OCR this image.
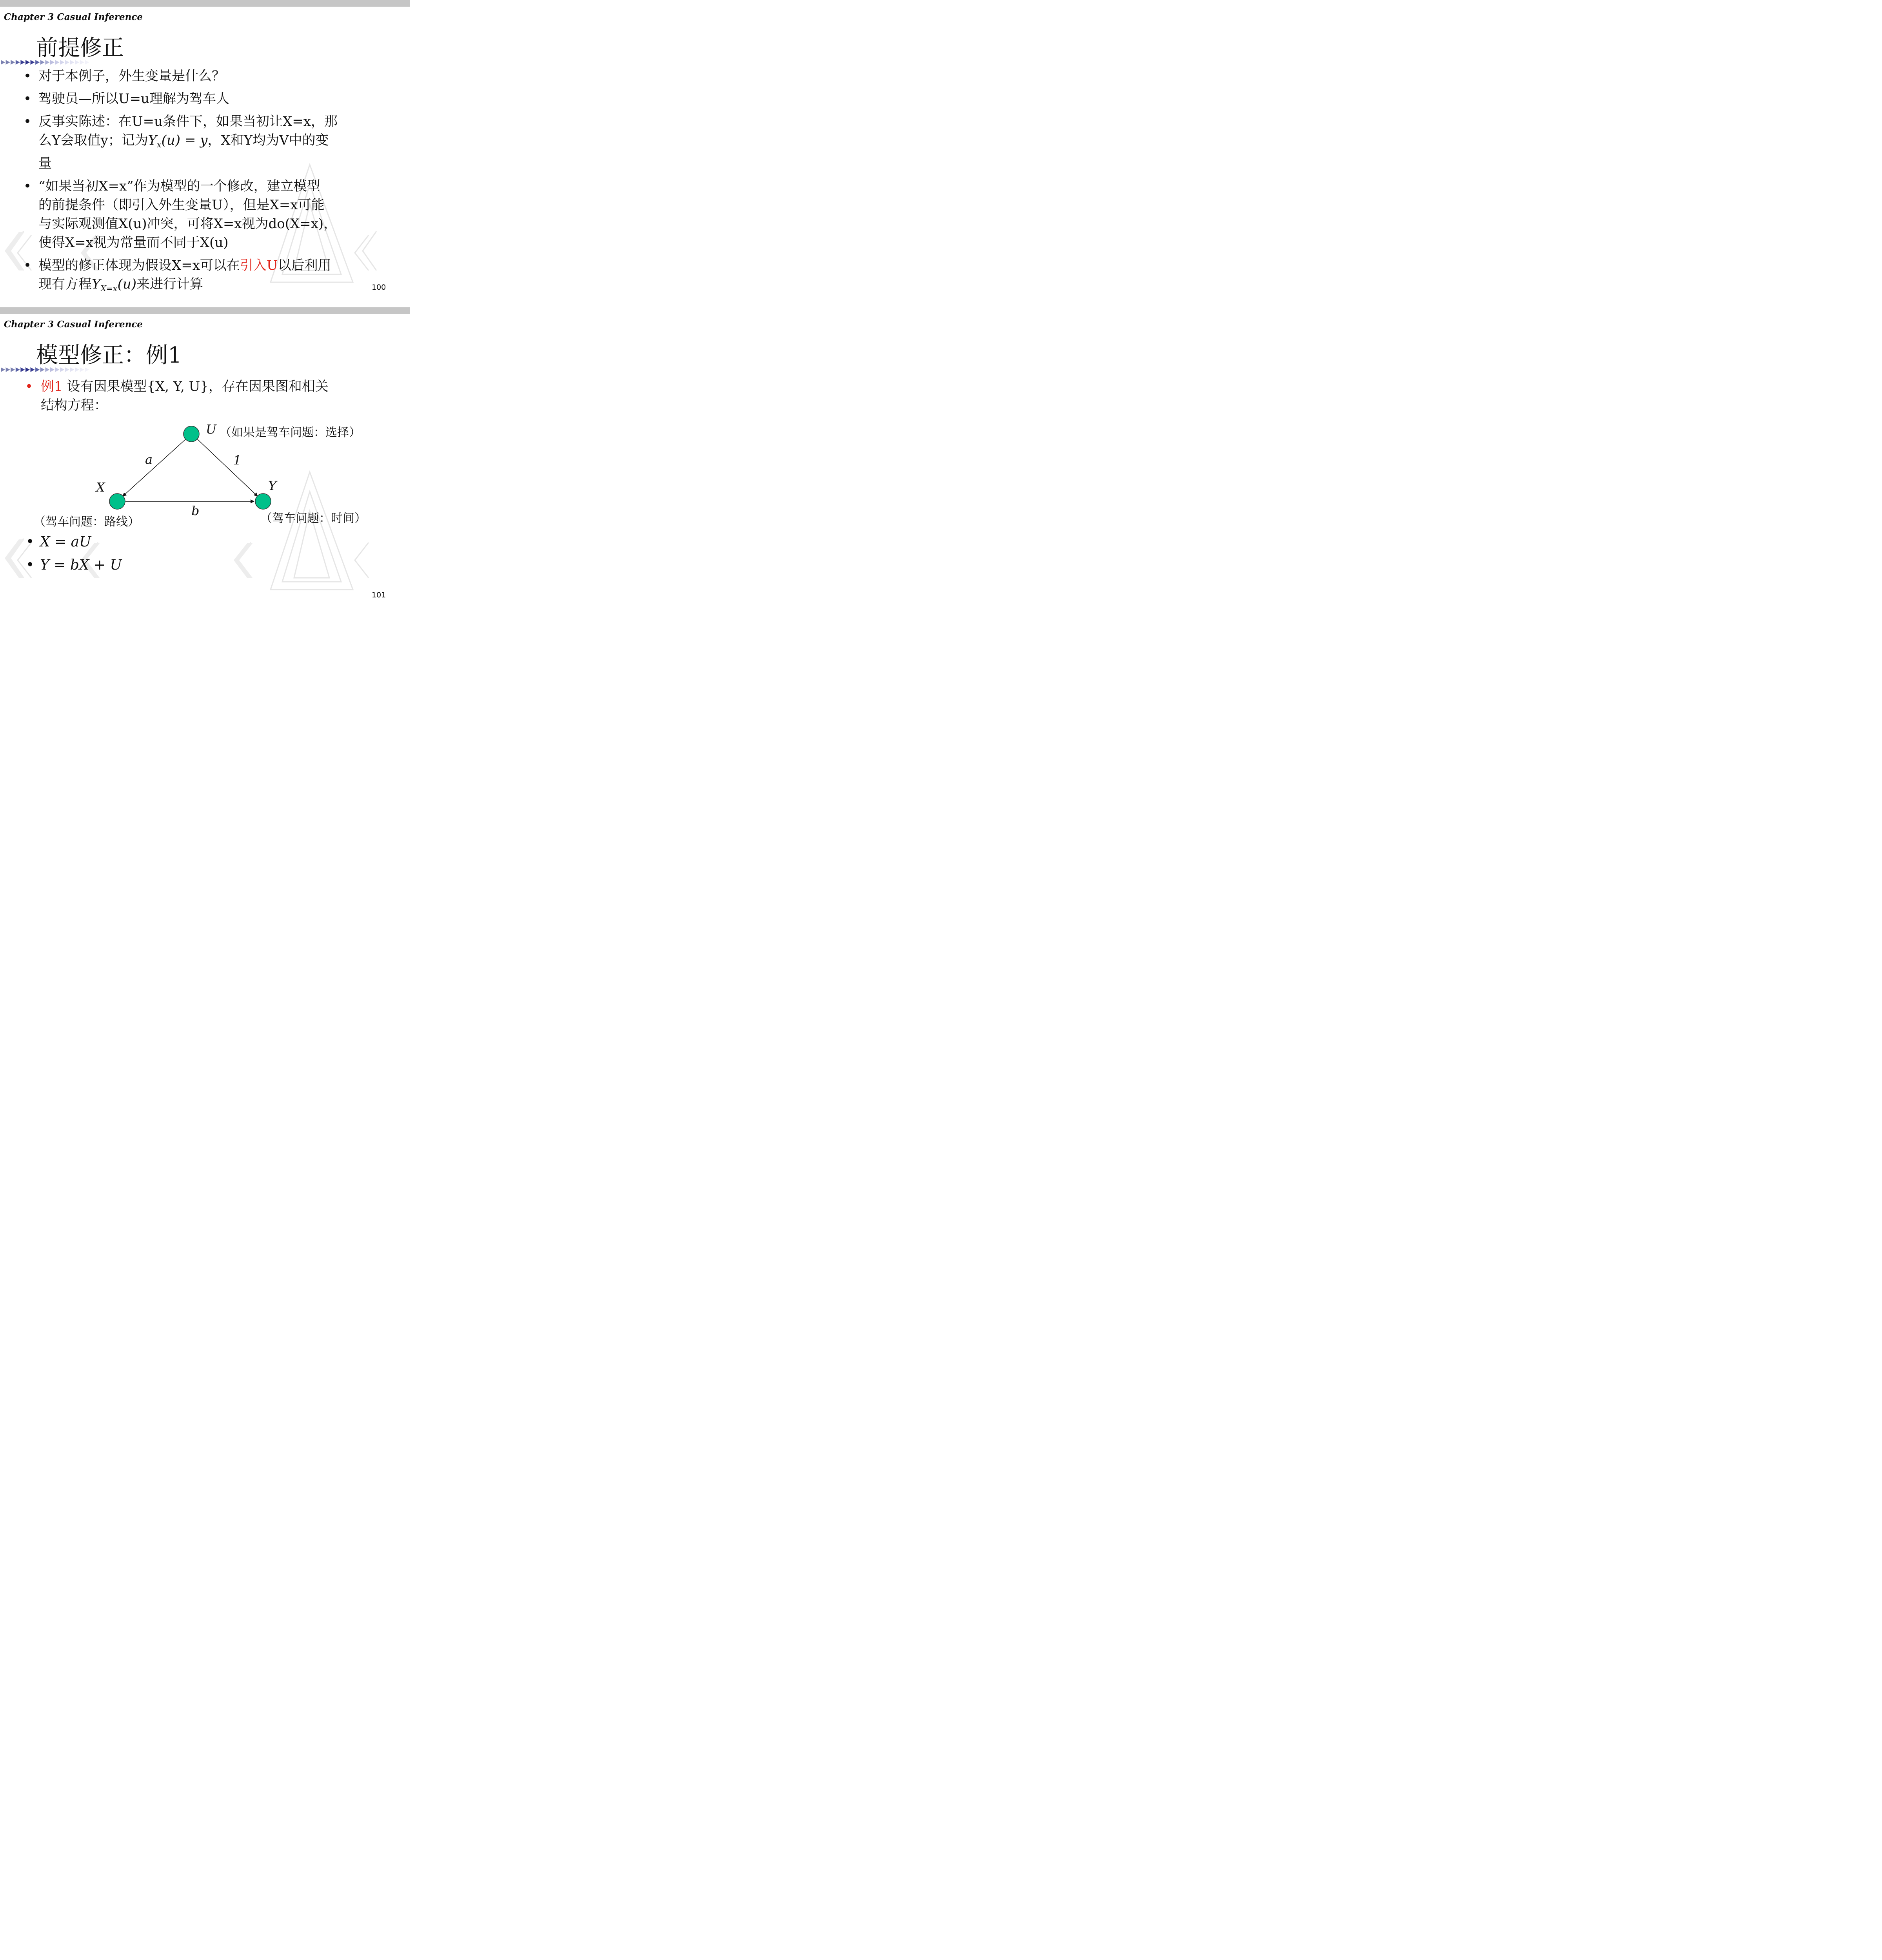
Chapter 3 Casual Inference
前提修正
• 对于本例子，外生变量是什么？
• 驾驶员—所以U=u理解为驾车人
• 反事实陈述：在U=u条件下，如果当初让X=x，那
么Y会取值y；记为$Y_x(u) = y$，X和Y均为V中的变
量
• “如果当初X=x”作为模型的一个修改，建立模型
的前提条件（即引入外生变量U），但是X=x可能
与实际观测值X(u)冲突，可将X=x视为do(X=x)，
使得X=x视为常量而不同于X(u)
• 模型的修正体现为假设X=x可以在引入U以后利用
现有方程$Y_{X=x}(u)$来进行计算	100
Chapter 3 Casual Inference
模型修正：例1
• 例1 设有因果模型{X, Y, U}，存在因果图和相关
结构方程：
U （如果是驾车问题：选择）
a	1
X	Y
b
（驾车问题：路线）	（驾车问题：时间）
• X = aU
• Y = bX + U
101
